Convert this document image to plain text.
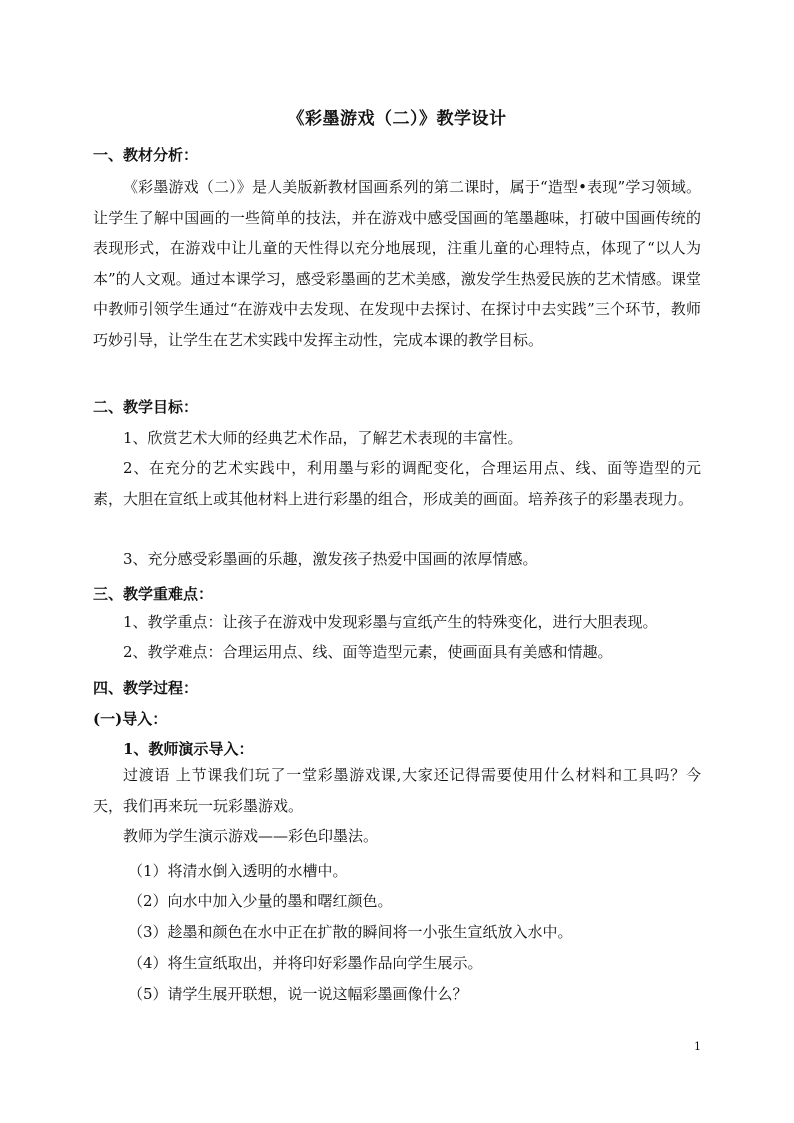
《彩墨游戏（二）》教学设计
一、教材分析：
《彩墨游戏（二）》是人美版新教材国画系列的第二课时，属于“造型•表现”学习领域。让学生了解中国画的一些简单的技法，并在游戏中感受国画的笔墨趣味，打破中国画传统的表现形式，在游戏中让儿童的天性得以充分地展现，注重儿童的心理特点，体现了“以人为本”的人文观。通过本课学习，感受彩墨画的艺术美感，激发学生热爱民族的艺术情感。课堂中教师引领学生通过“在游戏中去发现、在发现中去探讨、在探讨中去实践”三个环节，教师巧妙引导，让学生在艺术实践中发挥主动性，完成本课的教学目标。
二、教学目标：
1、欣赏艺术大师的经典艺术作品，了解艺术表现的丰富性。
2、在充分的艺术实践中，利用墨与彩的调配变化，合理运用点、线、面等造型的元素，大胆在宣纸上或其他材料上进行彩墨的组合，形成美的画面。培养孩子的彩墨表现力。
3、充分感受彩墨画的乐趣，激发孩子热爱中国画的浓厚情感。
三、教学重难点：
1、教学重点：让孩子在游戏中发现彩墨与宣纸产生的特殊变化，进行大胆表现。
2、教学难点：合理运用点、线、面等造型元素，使画面具有美感和情趣。
四、教学过程：
(一)导入：
1、教师演示导入：
过渡语 上节课我们玩了一堂彩墨游戏课,大家还记得需要使用什么材料和工具吗？今天，我们再来玩一玩彩墨游戏。
教师为学生演示游戏——彩色印墨法。
（1）将清水倒入透明的水槽中。
（2）向水中加入少量的墨和曙红颜色。
（3）趁墨和颜色在水中正在扩散的瞬间将一小张生宣纸放入水中。
（4）将生宣纸取出，并将印好彩墨作品向学生展示。
（5）请学生展开联想，说一说这幅彩墨画像什么？
1
